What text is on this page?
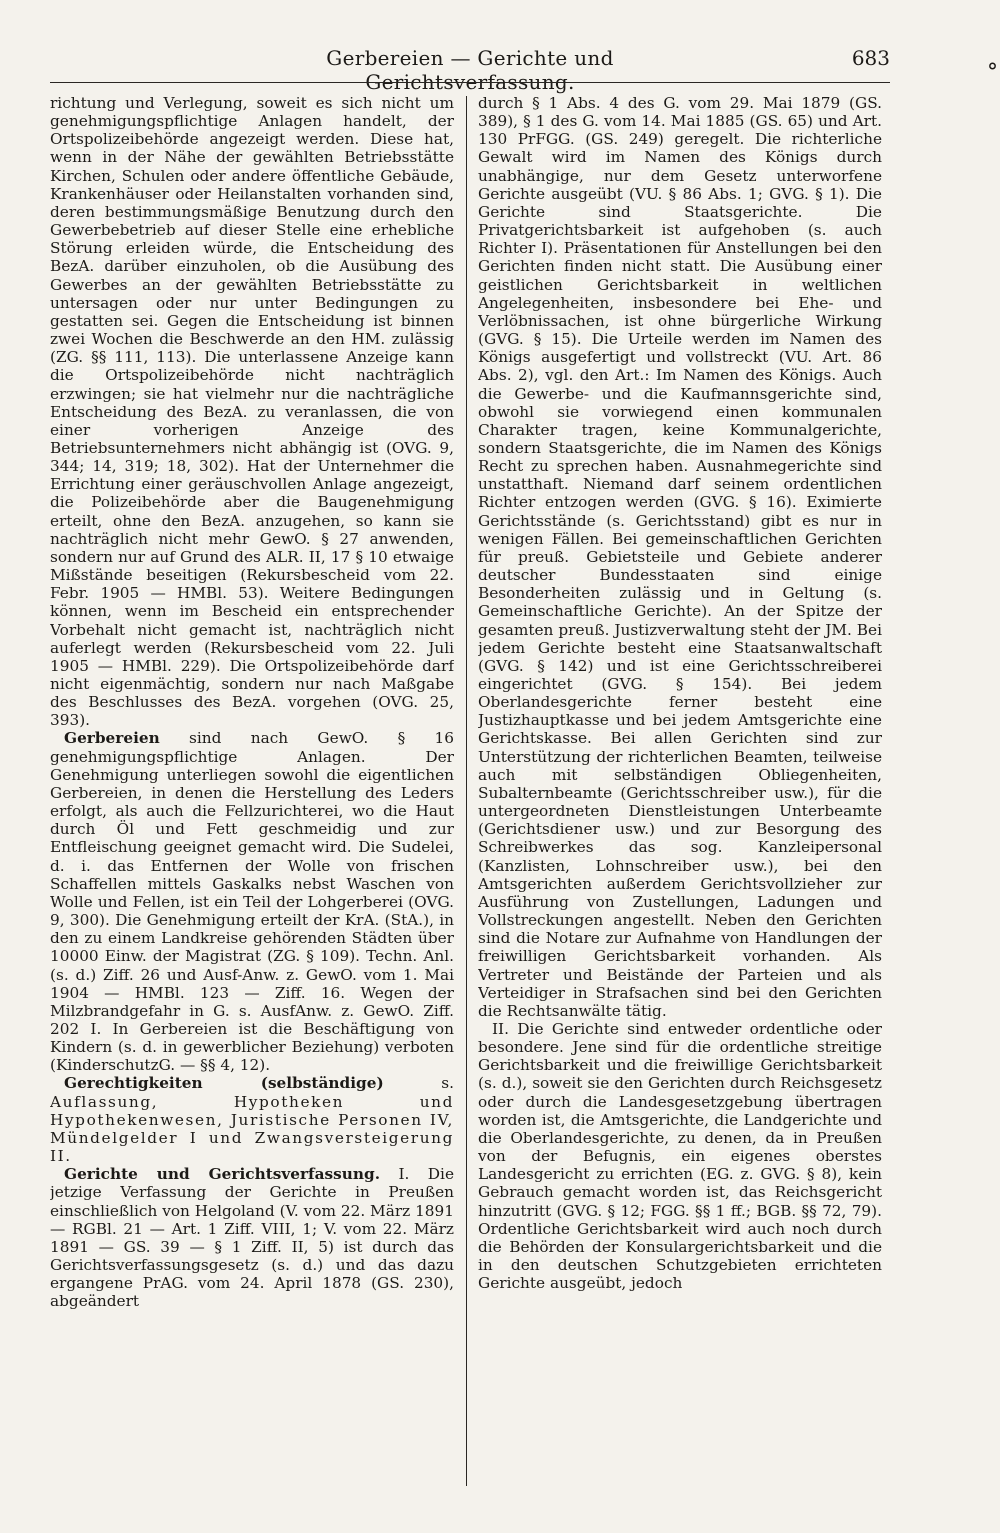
Gerbereien — Gerichte und Gerichtsverfassung.
683
°

richtung und Verlegung, soweit es sich nicht um genehmigungspflichtige Anlagen handelt, der Ortspolizeibehörde angezeigt werden. Diese hat, wenn in der Nähe der gewählten Betriebsstätte Kirchen, Schulen oder andere öffentliche Gebäude, Krankenhäuser oder Heilanstalten vorhanden sind, deren bestimmungsmäßige Benutzung durch den Gewerbebetrieb auf dieser Stelle eine erhebliche Störung erleiden würde, die Entscheidung des BezA. darüber einzuholen, ob die Ausübung des Gewerbes an der gewählten Betriebsstätte zu untersagen oder nur unter Bedingungen zu gestatten sei. Gegen die Entscheidung ist binnen zwei Wochen die Beschwerde an den HM. zulässig (ZG. §§ 111, 113). Die unterlassene Anzeige kann die Ortspolizeibehörde nicht nachträglich erzwingen; sie hat vielmehr nur die nachträgliche Entscheidung des BezA. zu veranlassen, die von einer vorherigen Anzeige des Betriebsunternehmers nicht abhängig ist (OVG. 9, 344; 14, 319; 18, 302). Hat der Unternehmer die Errichtung einer geräuschvollen Anlage angezeigt, die Polizeibehörde aber die Baugenehmigung erteilt, ohne den BezA. anzugehen, so kann sie nachträglich nicht mehr GewO. § 27 anwenden, sondern nur auf Grund des ALR. II, 17 § 10 etwaige Mißstände beseitigen (Rekursbescheid vom 22. Febr. 1905 — HMBl. 53). Weitere Bedingungen können, wenn im Bescheid ein entsprechender Vorbehalt nicht gemacht ist, nachträglich nicht auferlegt werden (Rekursbescheid vom 22. Juli 1905 — HMBl. 229). Die Ortspolizeibehörde darf nicht eigenmächtig, sondern nur nach Maßgabe des Beschlusses des BezA. vorgehen (OVG. 25, 393).

Gerbereien sind nach GewO. § 16 genehmigungspflichtige Anlagen. Der Genehmigung unterliegen sowohl die eigentlichen Gerbereien, in denen die Herstellung des Leders erfolgt, als auch die Fellzurichterei, wo die Haut durch Öl und Fett geschmeidig und zur Entfleischung geeignet gemacht wird. Die Sudelei, d. i. das Entfernen der Wolle von frischen Schaffellen mittels Gaskalks nebst Waschen von Wolle und Fellen, ist ein Teil der Lohgerberei (OVG. 9, 300). Die Genehmigung erteilt der KrA. (StA.), in den zu einem Landkreise gehörenden Städten über 10000 Einw. der Magistrat (ZG. § 109). Techn. Anl. (s. d.) Ziff. 26 und Ausf-Anw. z. GewO. vom 1. Mai 1904 — HMBl. 123 — Ziff. 16. Wegen der Milzbrandgefahr in G. s. AusfAnw. z. GewO. Ziff. 202 I. In Gerbereien ist die Beschäftigung von Kindern (s. d. in gewerblicher Beziehung) verboten (KinderschutzG. — §§ 4, 12).

Gerechtigkeiten (selbständige) s. Auflassung, Hypotheken und Hypothekenwesen, Juristische Personen IV, Mündelgelder I und Zwangsversteigerung II.

Gerichte und Gerichtsverfassung. I. Die jetzige Verfassung der Gerichte in Preußen einschließlich von Helgoland (V. vom 22. März 1891 — RGBl. 21 — Art. 1 Ziff. VIII, 1; V. vom 22. März 1891 — GS. 39 — § 1 Ziff. II, 5) ist durch das Gerichtsverfassungsgesetz (s. d.) und das dazu ergangene PrAG. vom 24. April 1878 (GS. 230), abgeändert

durch § 1 Abs. 4 des G. vom 29. Mai 1879 (GS. 389), § 1 des G. vom 14. Mai 1885 (GS. 65) und Art. 130 PrFGG. (GS. 249) geregelt. Die richterliche Gewalt wird im Namen des Königs durch unabhängige, nur dem Gesetz unterworfene Gerichte ausgeübt (VU. § 86 Abs. 1; GVG. § 1). Die Gerichte sind Staatsgerichte. Die Privatgerichtsbarkeit ist aufgehoben (s. auch Richter I). Präsentationen für Anstellungen bei den Gerichten finden nicht statt. Die Ausübung einer geistlichen Gerichtsbarkeit in weltlichen Angelegenheiten, insbesondere bei Ehe- und Verlöbnissachen, ist ohne bürgerliche Wirkung (GVG. § 15). Die Urteile werden im Namen des Königs ausgefertigt und vollstreckt (VU. Art. 86 Abs. 2), vgl. den Art.: Im Namen des Königs. Auch die Gewerbe- und die Kaufmannsgerichte sind, obwohl sie vorwiegend einen kommunalen Charakter tragen, keine Kommunalgerichte, sondern Staatsgerichte, die im Namen des Königs Recht zu sprechen haben. Ausnahmegerichte sind unstatthaft. Niemand darf seinem ordentlichen Richter entzogen werden (GVG. § 16). Eximierte Gerichtsstände (s. Gerichtsstand) gibt es nur in wenigen Fällen. Bei gemeinschaftlichen Gerichten für preuß. Gebietsteile und Gebiete anderer deutscher Bundesstaaten sind einige Besonderheiten zulässig und in Geltung (s. Gemeinschaftliche Gerichte). An der Spitze der gesamten preuß. Justizverwaltung steht der JM. Bei jedem Gerichte besteht eine Staatsanwaltschaft (GVG. § 142) und ist eine Gerichtsschreiberei eingerichtet (GVG. § 154). Bei jedem Oberlandesgerichte ferner besteht eine Justizhauptkasse und bei jedem Amtsgerichte eine Gerichtskasse. Bei allen Gerichten sind zur Unterstützung der richterlichen Beamten, teilweise auch mit selbständigen Obliegenheiten, Subalternbeamte (Gerichtsschreiber usw.), für die untergeordneten Dienstleistungen Unterbeamte (Gerichtsdiener usw.) und zur Besorgung des Schreibwerkes das sog. Kanzleipersonal (Kanzlisten, Lohnschreiber usw.), bei den Amtsgerichten außerdem Gerichtsvollzieher zur Ausführung von Zustellungen, Ladungen und Vollstreckungen angestellt. Neben den Gerichten sind die Notare zur Aufnahme von Handlungen der freiwilligen Gerichtsbarkeit vorhanden. Als Vertreter und Beistände der Parteien und als Verteidiger in Strafsachen sind bei den Gerichten die Rechtsanwälte tätig.

II. Die Gerichte sind entweder ordentliche oder besondere. Jene sind für die ordentliche streitige Gerichtsbarkeit und die freiwillige Gerichtsbarkeit (s. d.), soweit sie den Gerichten durch Reichsgesetz oder durch die Landesgesetzgebung übertragen worden ist, die Amtsgerichte, die Landgerichte und die Oberlandesgerichte, zu denen, da in Preußen von der Befugnis, ein eigenes oberstes Landesgericht zu errichten (EG. z. GVG. § 8), kein Gebrauch gemacht worden ist, das Reichsgericht hinzutritt (GVG. § 12; FGG. §§ 1 ff.; BGB. §§ 72, 79). Ordentliche Gerichtsbarkeit wird auch noch durch die Behörden der Konsulargerichtsbarkeit und die in den deutschen Schutzgebieten errichteten Gerichte ausgeübt, jedoch
